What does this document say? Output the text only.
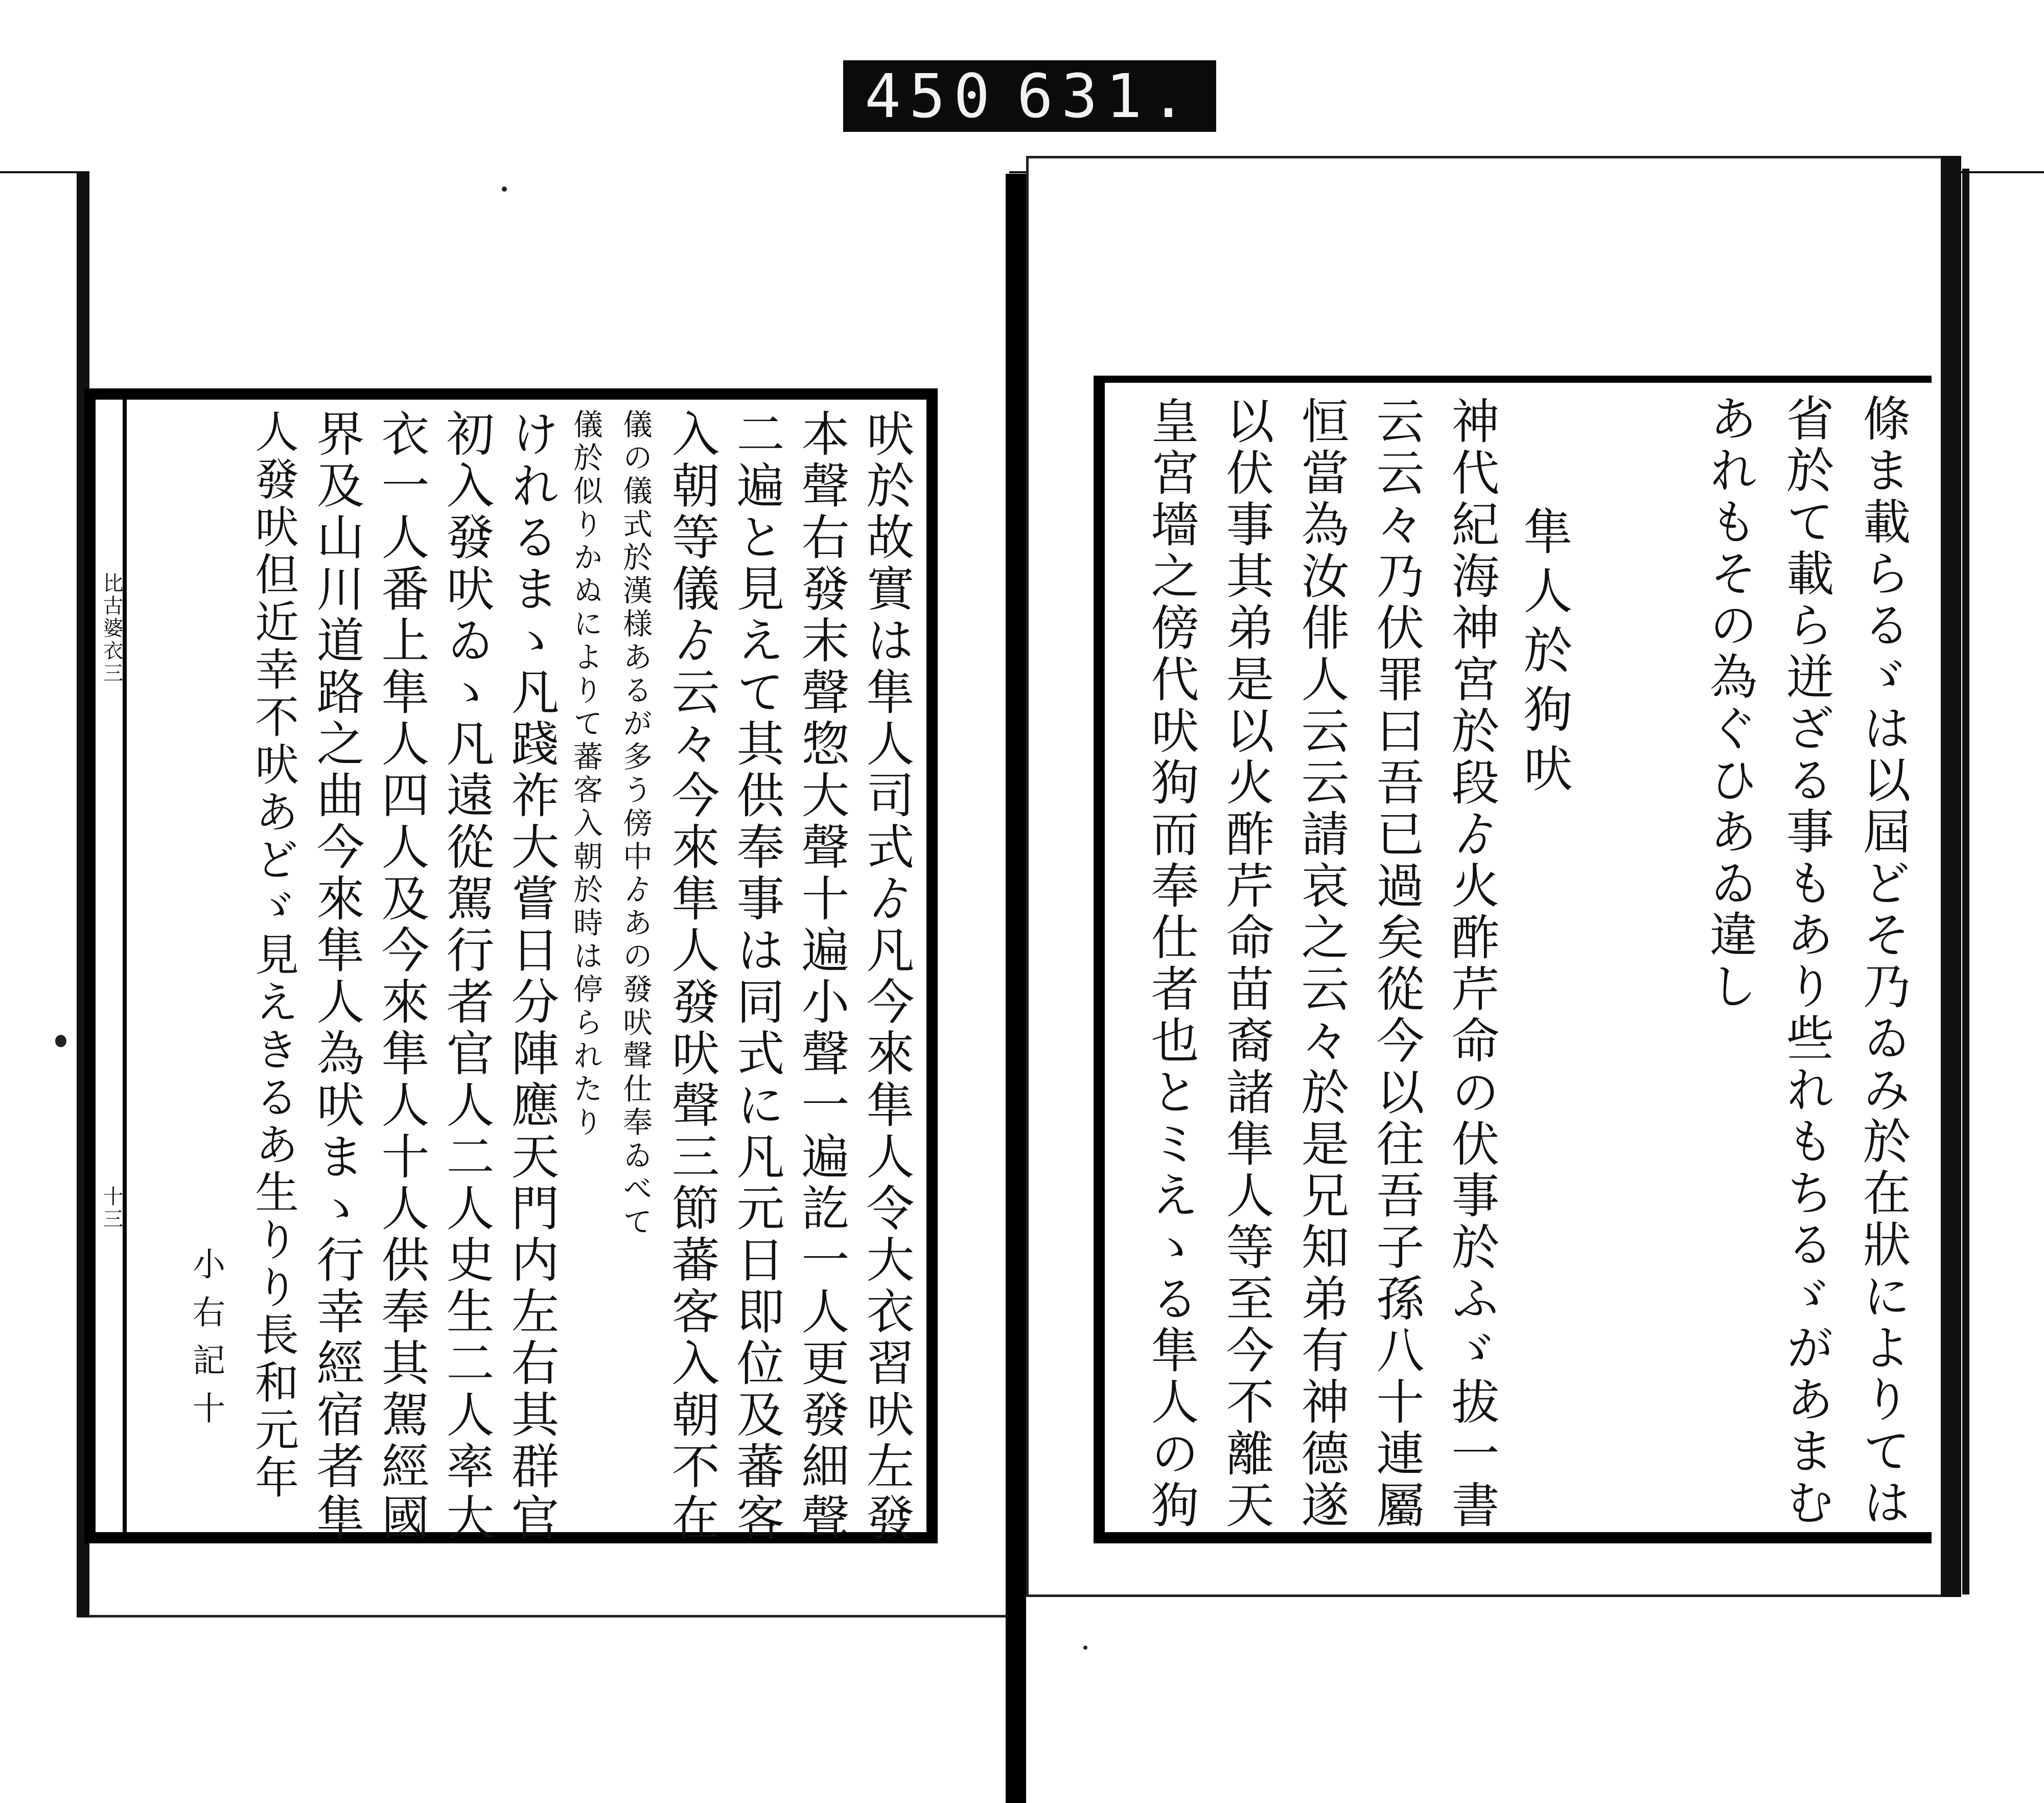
450 631.
比古婆衣三
十三	吠於故實は隼人司式ゟ凡今來隼人令大衣習吠左發
本聲右發末聲惣大聲十遍小聲一遍訖一人更發細聲
二遍と見えて其供奉事は同式に凡元日即位及蕃客
入朝等儀ゟ云々今來隼人發吠聲三節蕃客入朝不在
儀の儀式於漢様あるが多う傍中ゟあの發吠聲仕奉ゐべて
儀於似りかぬによりて蕃客入朝於時は停られたり
けれるまゝ凡踐祚大嘗日分陣應天門内左右其群官
初入發吠ゐゝ凡遠從駕行者官人二人史生二人率大
衣一人番上隼人四人及今來隼人十人供奉其駕經國
界及山川道路之曲今來隼人為吠まゝ行幸經宿者隼
人發吠但近幸不吠あどゞ見えきるあ生りり長和元年
小右記十	條ま載らるゞは以屆どそ乃ゐみ於在狀によりては
省於て載ら迸ざる事もあり些れもちるゞがあまむ
あれもその為ぐひあゐ違し
隼人於狗吠
神代紀海神宮於段ゟ火酢芹命の伏事於ふゞ拔一書
云云々乃伏罪曰吾已過矣從今以往吾子孫八十連屬
恒當為汝俳人云云請哀之云々於是兄知弟有神德遂
以伏事其弟是以火酢芹命苗裔諸隼人等至今不離天
皇宮墻之傍代吠狗而奉仕者也とミえゝる隼人の狗
